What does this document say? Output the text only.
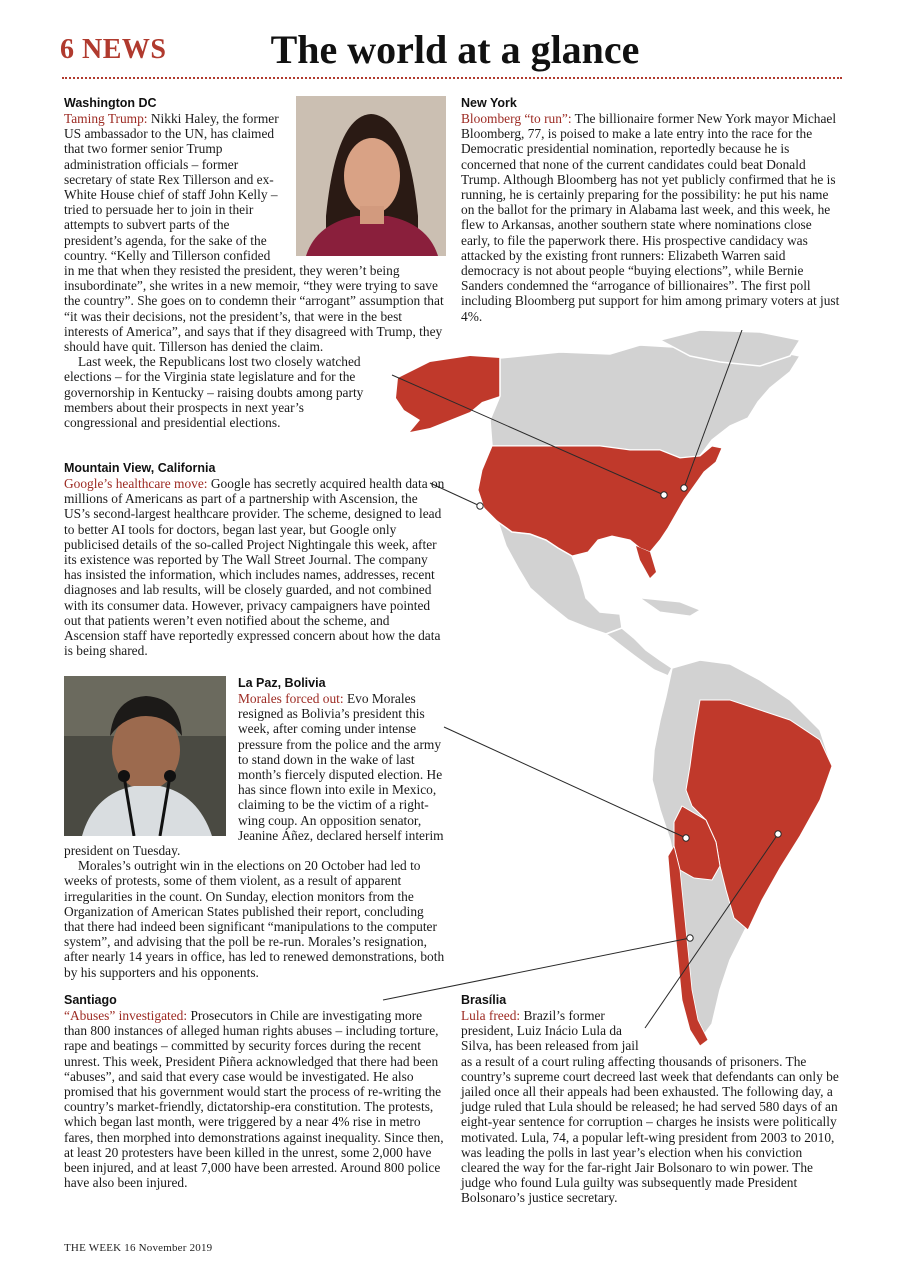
6 NEWS	The world at a glance

Washington DC

Taming Trump: Nikki Haley, the former US ambassador to the UN, has claimed that two former senior Trump administration officials – former secretary of state Rex Tillerson and ex-White House chief of staff John Kelly – tried to persuade her to join in their attempts to subvert parts of the president’s agenda, for the sake of the country. “Kelly and Tillerson confided in me that when they resisted the president, they weren’t being insubordinate”, she writes in a new memoir, “they were trying to save the country”. She goes on to condemn their “arrogant” assumption that “it was their decisions, not the president’s, that were in the best interests of America”, and says that if they disagreed with Trump, they should have quit. Tillerson has denied the claim.

Last week, the Republicans lost two closely watched elections – for the Virginia state legislature and for the governorship in Kentucky – raising doubts among party members about their prospects in next year’s congressional and presidential elections.

New York

Bloomberg “to run”: The billionaire former New York mayor Michael Bloomberg, 77, is poised to make a late entry into the race for the Democratic presidential nomination, reportedly because he is concerned that none of the current candidates could beat Donald Trump. Although Bloomberg has not yet publicly confirmed that he is running, he is certainly preparing for the possibility: he put his name on the ballot for the primary in Alabama last week, and this week, he flew to Arkansas, another southern state where nominations close early, to file the paperwork there. His prospective candidacy was attacked by the existing front runners: Elizabeth Warren said democracy is not about people “buying elections”, while Bernie Sanders condemned the “arrogance of billionaires”. The first poll including Bloomberg put support for him among primary voters at just 4%.

Mountain View, California

Google’s healthcare move: Google has secretly acquired health data on millions of Americans as part of a partnership with Ascension, the US’s second-largest healthcare provider. The scheme, designed to lead to better AI tools for doctors, began last year, but Google only publicised details of the so-called Project Nightingale this week, after its existence was reported by The Wall Street Journal. The company has insisted the information, which includes names, addresses, recent diagnoses and lab results, will be closely guarded, and not combined with its consumer data. However, privacy campaigners have pointed out that patients weren’t even notified about the scheme, and Ascension staff have reportedly expressed concern about how the data is being shared.

La Paz, Bolivia

Morales forced out: Evo Morales resigned as Bolivia’s president this week, after coming under intense pressure from the police and the army to stand down in the wake of last month’s fiercely disputed election. He has since flown into exile in Mexico, claiming to be the victim of a right-wing coup. An opposition senator, Jeanine Áñez, declared herself interim president on Tuesday.

Morales’s outright win in the elections on 20 October had led to weeks of protests, some of them violent, as a result of apparent irregularities in the count. On Sunday, election monitors from the Organization of American States published their report, concluding that there had indeed been significant “manipulations to the computer system”, and advising that the poll be re-run. Morales’s resignation, after nearly 14 years in office, has led to renewed demonstrations, both by his supporters and his opponents.

Santiago

“Abuses” investigated: Prosecutors in Chile are investigating more than 800 instances of alleged human rights abuses – including torture, rape and beatings – committed by security forces during the recent unrest. This week, President Piñera acknowledged that there had been “abuses”, and said that every case would be investigated. He also promised that his government would start the process of re-writing the country’s market-friendly, dictatorship-era constitution. The protests, which began last month, were triggered by a near 4% rise in metro fares, then morphed into demonstrations against inequality. Since then, at least 20 protesters have been killed in the unrest, some 2,000 have been injured, and at least 7,000 have been arrested. Around 800 police have also been injured.

Brasília

Lula freed: Brazil’s former president, Luiz Inácio Lula da Silva, has been released from jail as a result of a court ruling affecting thousands of prisoners. The country’s supreme court decreed last week that defendants can only be jailed once all their appeals had been exhausted. The following day, a judge ruled that Lula should be released; he had served 580 days of an eight-year sentence for corruption – charges he insists were politically motivated. Lula, 74, a popular left-wing president from 2003 to 2010, was leading the polls in last year’s election when his conviction cleared the way for the far-right Jair Bolsonaro to win power. The judge who found Lula guilty was subsequently made President Bolsonaro’s justice secretary.

THE WEEK 16 November 2019
